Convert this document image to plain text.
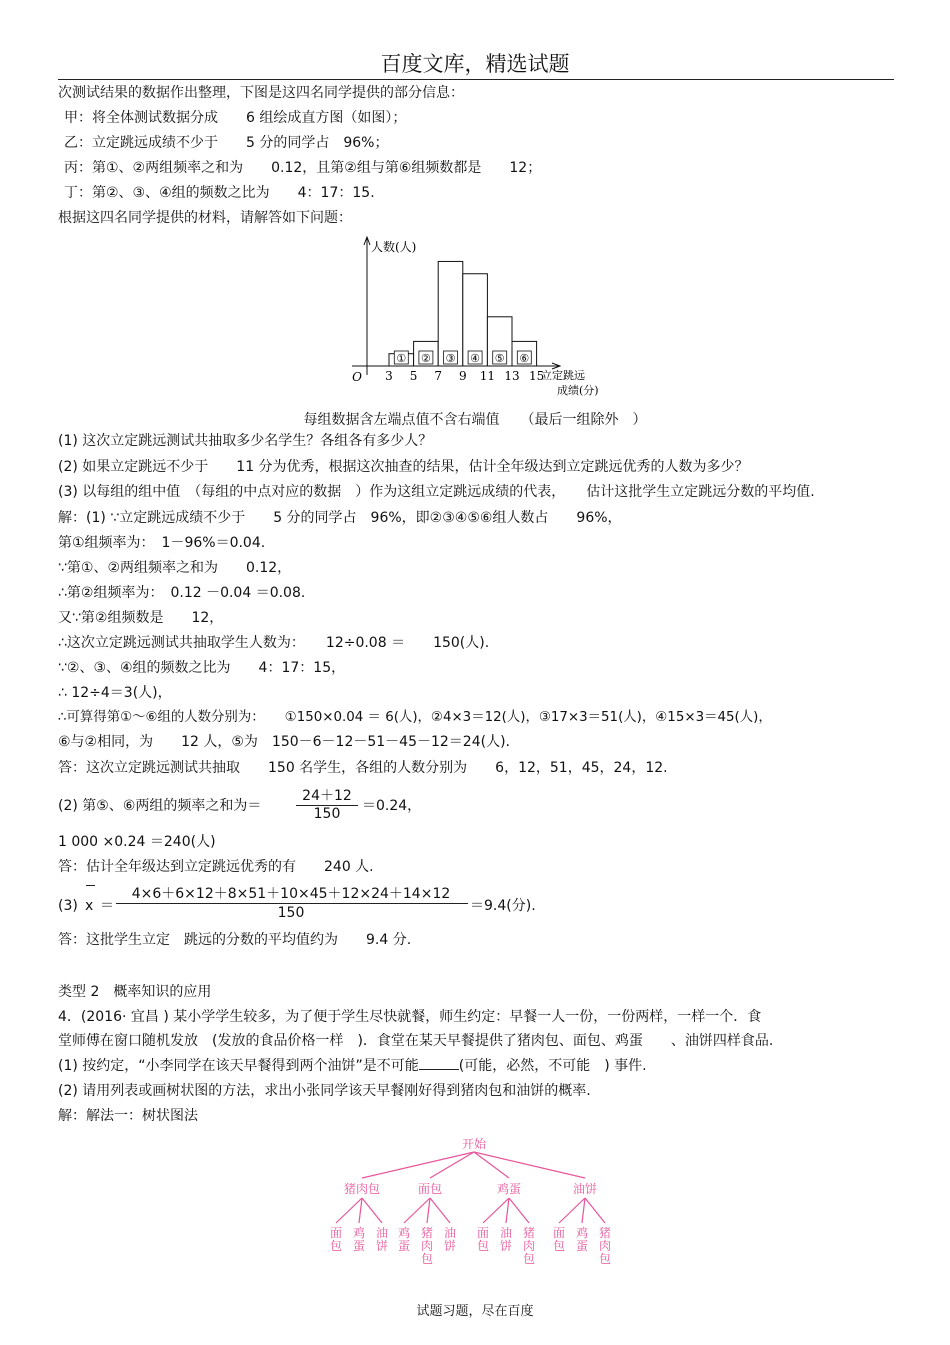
百度文库，精选试题
次测试结果的数据作出整理，下图是这四名同学提供的部分信息：
甲：将全体测试数据分成　　6 组绘成直方图（如图）；
乙：立定跳远成绩不少于　　5 分的同学占　96%；
丙：第①、②两组频率之和为　　0.12，且第②组与第⑥组频数都是　　12；
丁：第②、③、④组的频数之比为　　4：17：15.
根据这四名同学提供的材料，请解答如下问题：
O
人数(人)
立定跳远
成绩(分)
3 5 7 9 11 13 15
① ② ③ ④ ⑤ ⑥
每组数据含左端点值不含右端值　　（最后一组除外　）
(1) 这次立定跳远测试共抽取多少名学生？各组各有多少人？
(2) 如果立定跳远不少于　　11 分为优秀，根据这次抽查的结果，估计全年级达到立定跳远优秀的人数为多少？
(3) 以每组的组中值　（每组的中点对应的数据　）作为这组立定跳远成绩的代表，　　估计这批学生立定跳远分数的平均值.
解：(1) ∵立定跳远成绩不少于　　5 分的同学占　96%，即②③④⑤⑥组人数占　　96%，
第①组频率为：　1－96%＝0.04.
∵第①、②两组频率之和为　　0.12，
∴第②组频率为：　0.12 －0.04 ＝0.08.
又∵第②组频数是　　12，
∴这次立定跳远测试共抽取学生人数为：　　12÷0.08 ＝　　150(人).
∵②、③、④组的频数之比为　　4：17：15，
∴ 12÷4＝3(人)，
∴可算得第①～⑥组的人数分别为：　　①150×0.04 ＝ 6(人)，②4×3＝12(人)，③17×3＝51(人)，④15×3＝45(人)，
⑥与②相同，为　　12 人，⑤为　150－6－12－51－45－12＝24(人).
答：这次立定跳远测试共抽取　　150 名学生，各组的人数分别为　　6，12，51，45，24，12.
(2) 第⑤、⑥两组的频率之和为＝
24＋12
150	＝0.24，
1 000 ×0.24 ＝240(人)
答：估计全年级达到立定跳远优秀的有　　240 人.
(3) x ＝
4×6＋6×12＋8×51＋10×45＋12×24＋14×12
150	＝9.4(分).
答：这批学生立定　跳远的分数的平均值约为　　9.4 分.
类型 2　概率知识的应用
4．(2016· 宜昌 ) 某小学学生较多，为了便于学生尽快就餐，师生约定：早餐一人一份，一份两样，一样一个．食
堂师傅在窗口随机发放　(发放的食品价格一样　)．食堂在某天早餐提供了猪肉包、面包、鸡蛋　　、油饼四样食品.
(1) 按约定，“小李同学在该天早餐得到两个油饼”是不可能	(可能，必然，不可能　) 事件.
(2) 请用列表或画树状图的方法，求出小张同学该天早餐刚好得到猪肉包和油饼的概率.
解：解法一：树状图法
开始
猪肉包
面包
鸡蛋
油饼
面包
鸡蛋
猪肉包
油饼
鸡蛋
面包
油饼
猪肉包
油饼
面包
鸡蛋
猪肉包
试题习题，尽在百度
